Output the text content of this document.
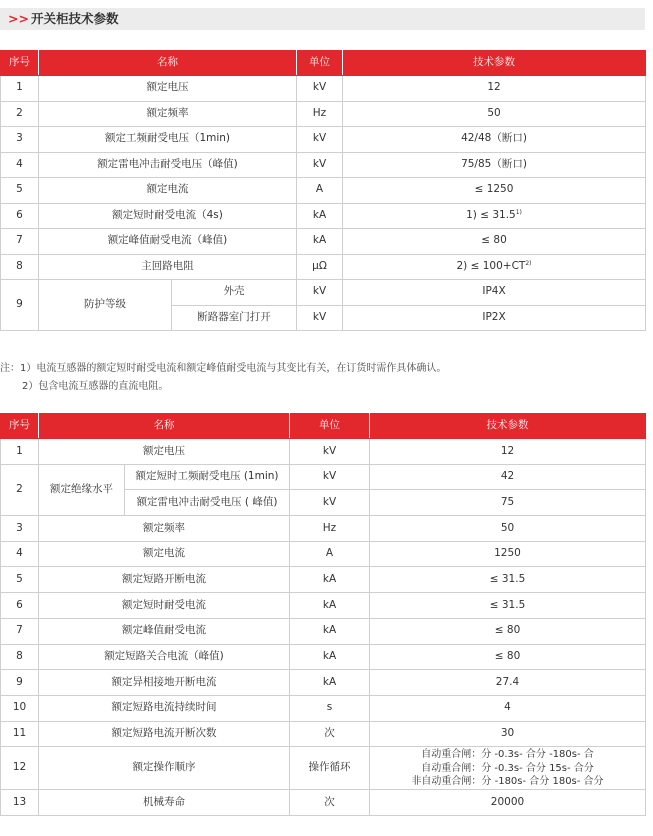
>> 开关柜技术参数
序号	名称		单位	技术参数
1	额定电压		kV	12
2	额定频率		Hz	50
3	额定工频耐受电压（1min)		kV	42/48（断口)
4	额定雷电冲击耐受电压（峰值)		kV	75/85（断口)
5	额定电流		A	≤ 1250
6	额定短时耐受电流（4s)		kA	$1) \le 31.5^{1)}$
7	额定峰值耐受电流（峰值)		kA	≤ 80
8	主回路电阻		μΩ	$2) \le 100+CT^{2)}$
9	防护等级	外壳	kV	IP4X
		断路器室门打开	kV	IP2X
注：1）电流互感器的额定短时耐受电流和额定峰值耐受电流与其变比有关，在订货时需作具体确认。
2）包含电流互感器的直流电阻。
序号	名称		单位	技术参数
1	额定电压		kV	12
2	额定绝缘水平	额定短时工频耐受电压 (1min)	kV	42
		额定雷电冲击耐受电压 ( 峰值)	kV	75
3	额定频率		Hz	50
4	额定电流		A	1250
5	额定短路开断电流		kA	≤ 31.5
6	额定短时耐受电流		kA	≤ 31.5
7	额定峰值耐受电流		kA	≤ 80
8	额定短路关合电流（峰值)		kA	≤ 80
9	额定异相接地开断电流		kA	27.4
10	额定短路电流持续时间		s	4
11	额定短路电流开断次数		次	30
12	额定操作顺序		操作循环	自动重合闸：分 -0.3s- 合分 -180s- 合
自动重合闸：分 -0.3s- 合分 15s- 合分
非自动重合闸：分 -180s- 合分 180s- 合分

13	机械寿命		次	20000
